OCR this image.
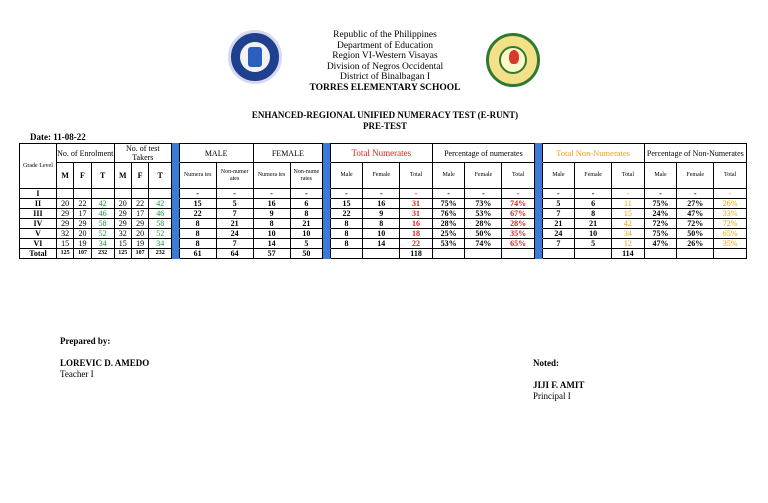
Republic of the Philippines
Department of Education
Region VI-Western Visayas
Division of Negros Occidental
District of Binalbagan I
TORRES ELEMENTARY SCHOOL
ENHANCED-REGIONAL UNIFIED NUMERACY TEST (E-RUNT)
PRE-TEST
Date: 11-08-22
Grade Level	No. of Enrolment			No. of test Takers				MALE		FEMALE			Total Numerates			Percentage of numerates				Total Non-Numerates			Percentage of Non-Numerates		
	M	F	T	M	F	T		Numera tes	Non-numer ates	Numera tes	Non-nume rates		Male	Female	Total	Male	Female	Total		Male	Female	Total	Male	Female	Total
I								-	-	-	-		-	-	-	-	-	-		-	-	-	-	-	-
II	20	22	42	20	22	42		15	5	16	6		15	16	31	75%	73%	74%		5	6	11	75%	27%	26%
III	29	17	46	29	17	46		22	7	9	8		22	9	31	76%	53%	67%		7	8	15	24%	47%	33%
IV	29	29	58	29	29	58		8	21	8	21		8	8	16	28%	28%	28%		21	21	42	72%	72%	72%
V	32	20	52	32	20	52		8	24	10	10		8	10	18	25%	50%	35%		24	10	34	75%	50%	65%
VI	15	19	34	15	19	34		8	7	14	5		8	14	22	53%	74%	65%		7	5	12	47%	26%	35%
Total	125	107	232	125	107	232		61	64	57	50				118							114			
Prepared by:
LOREVIC D. AMEDO
Teacher I
Noted:
JIJI F. AMIT
Principal I
